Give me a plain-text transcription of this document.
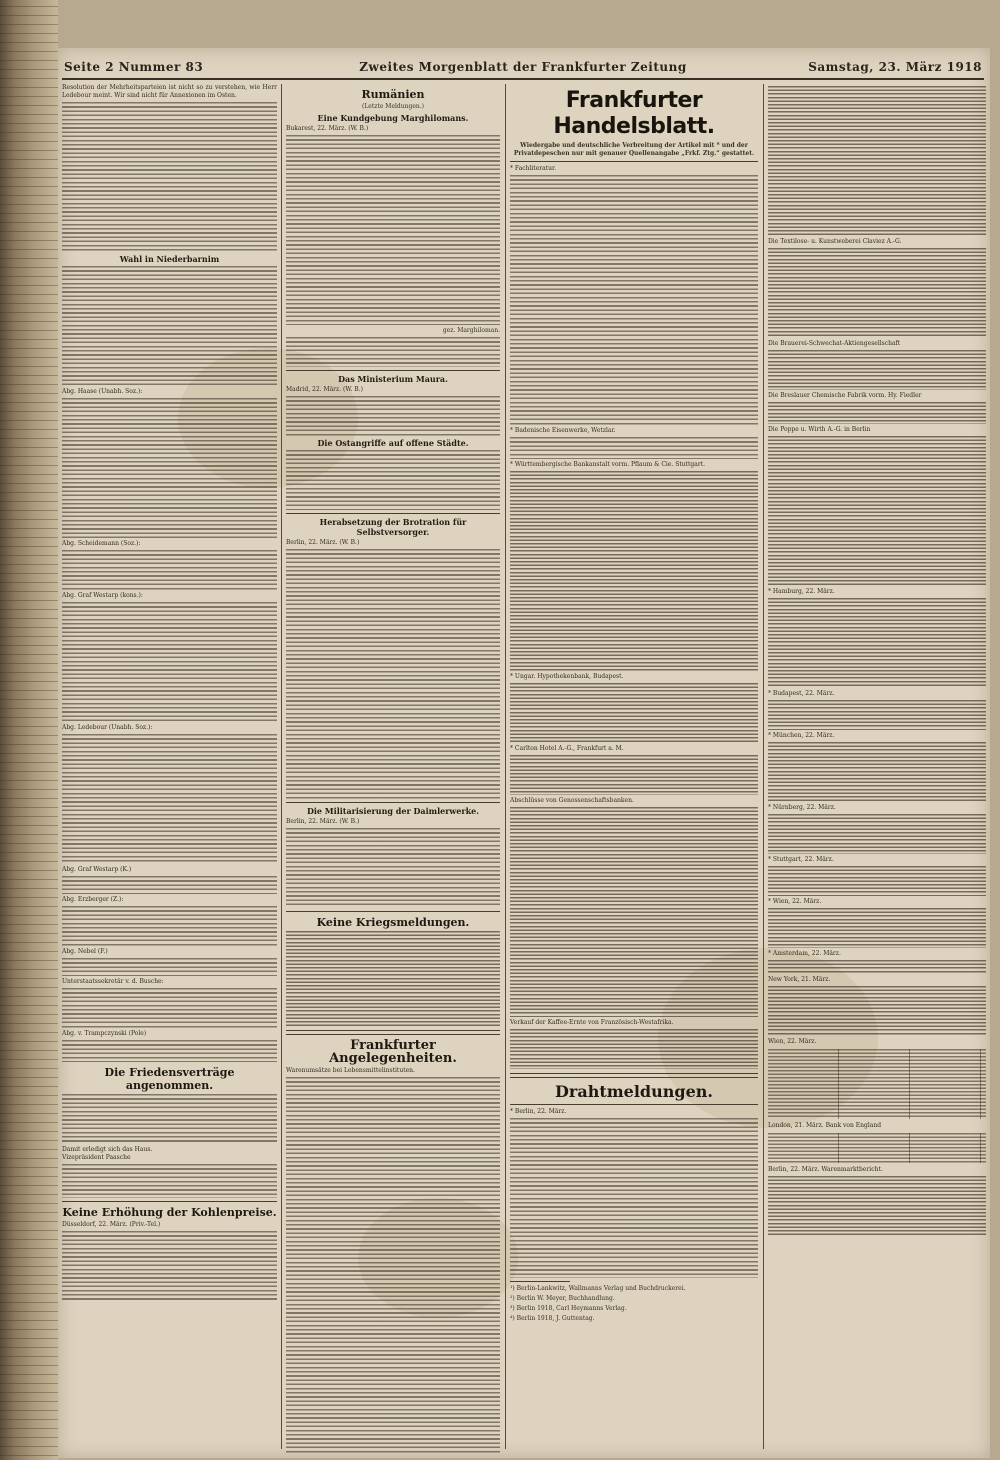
Seite 2 Nummer 83	Zweites Morgenblatt der Frankfurter Zeitung	Samstag, 23. März 1918

Resolution der Mehrheitsparteien ist nicht so zu verstehen, wie Herr Ledebour meint. Wir sind nicht für Annexionen im Osten.

Wahl in Niederbarnim

Abg. Haase (Unabh. Soz.):

Abg. Scheidemann (Soz.):

Abg. Graf Westarp (kons.):

Abg. Ledebour (Unabh. Soz.):

Abg. Graf Westarp (K.)

Abg. Erzberger (Z.):

Abg. Nebel (F.)

Unterstaatssekretär v. d. Busche:

Abg. v. Trampczynski (Pole)

Die Friedensverträge angenommen.

Damit erledigt sich das Haus.

Vizepräsident Paasche

Keine Erhöhung der Kohlenpreise.

Düsseldorf, 22. März. (Priv.-Tel.)

Rumänien

(Letzte Meldungen.)

Eine Kundgebung Marghilomans.

Bukarest, 22. März. (W. B.)

gez. Marghiloman.

Das Ministerium Maura.

Madrid, 22. März. (W. B.)

Die Ostangriffe auf offene Städte.
Herabsetzung der Brotration für Selbstversorger.

Berlin, 22. März. (W. B.)

Die Militarisierung der Daimlerwerke.

Berlin, 22. März. (W. B.)

Keine Kriegsmeldungen.
Frankfurter Angelegenheiten.

Warenumsätze bei Lebensmittelinstituten.

Frankfurter Handelsblatt.

Wiedergabe und deutschliche Verbreitung der Artikel mit * und der Privatdepeschen nur mit genauer Quellenangabe „Frkf. Ztg.“ gestattet.

* Fachliteratur.

* Badenische Eisenwerke, Wetzlar.

* Württembergische Bankanstalt vorm. Pflaum & Cie. Stuttgart.

* Ungar. Hypothekenbank, Budapest.

* Carlton Hotel A.-G., Frankfurt a. M.

Abschlüsse von Genossenschaftsbanken.

Verkauf der Kaffee-Ernte von Französisch-Westafrika.

Drahtmeldungen.

* Berlin, 22. März.

¹) Berlin-Lankwitz, Wallmanns Verlag und Buchdruckerei.

²) Berlin W. Meyer, Buchhandlung.

³) Berlin 1918, Carl Heymanns Verlag.

⁴) Berlin 1918, J. Guttentag.

Die Textilose- u. Kunstweberei Claviez A.-G.

Die Brauerei-Schwechat-Aktiengesellschaft

Die Breslauer Chemische Fabrik vorm. Hy. Fiedler

Die Poppe u. Wirth A.-G. in Berlin

* Hamburg, 22. März.

* Budapest, 22. März.

* München, 22. März.

* Nürnberg, 22. März.

* Stuttgart, 22. März.

* Wien, 22. März.

* Amsterdam, 22. März.

New York, 21. März.

Wien, 22. März.

London, 21. März. Bank von England

Berlin, 22. März. Warenmarktbericht.
